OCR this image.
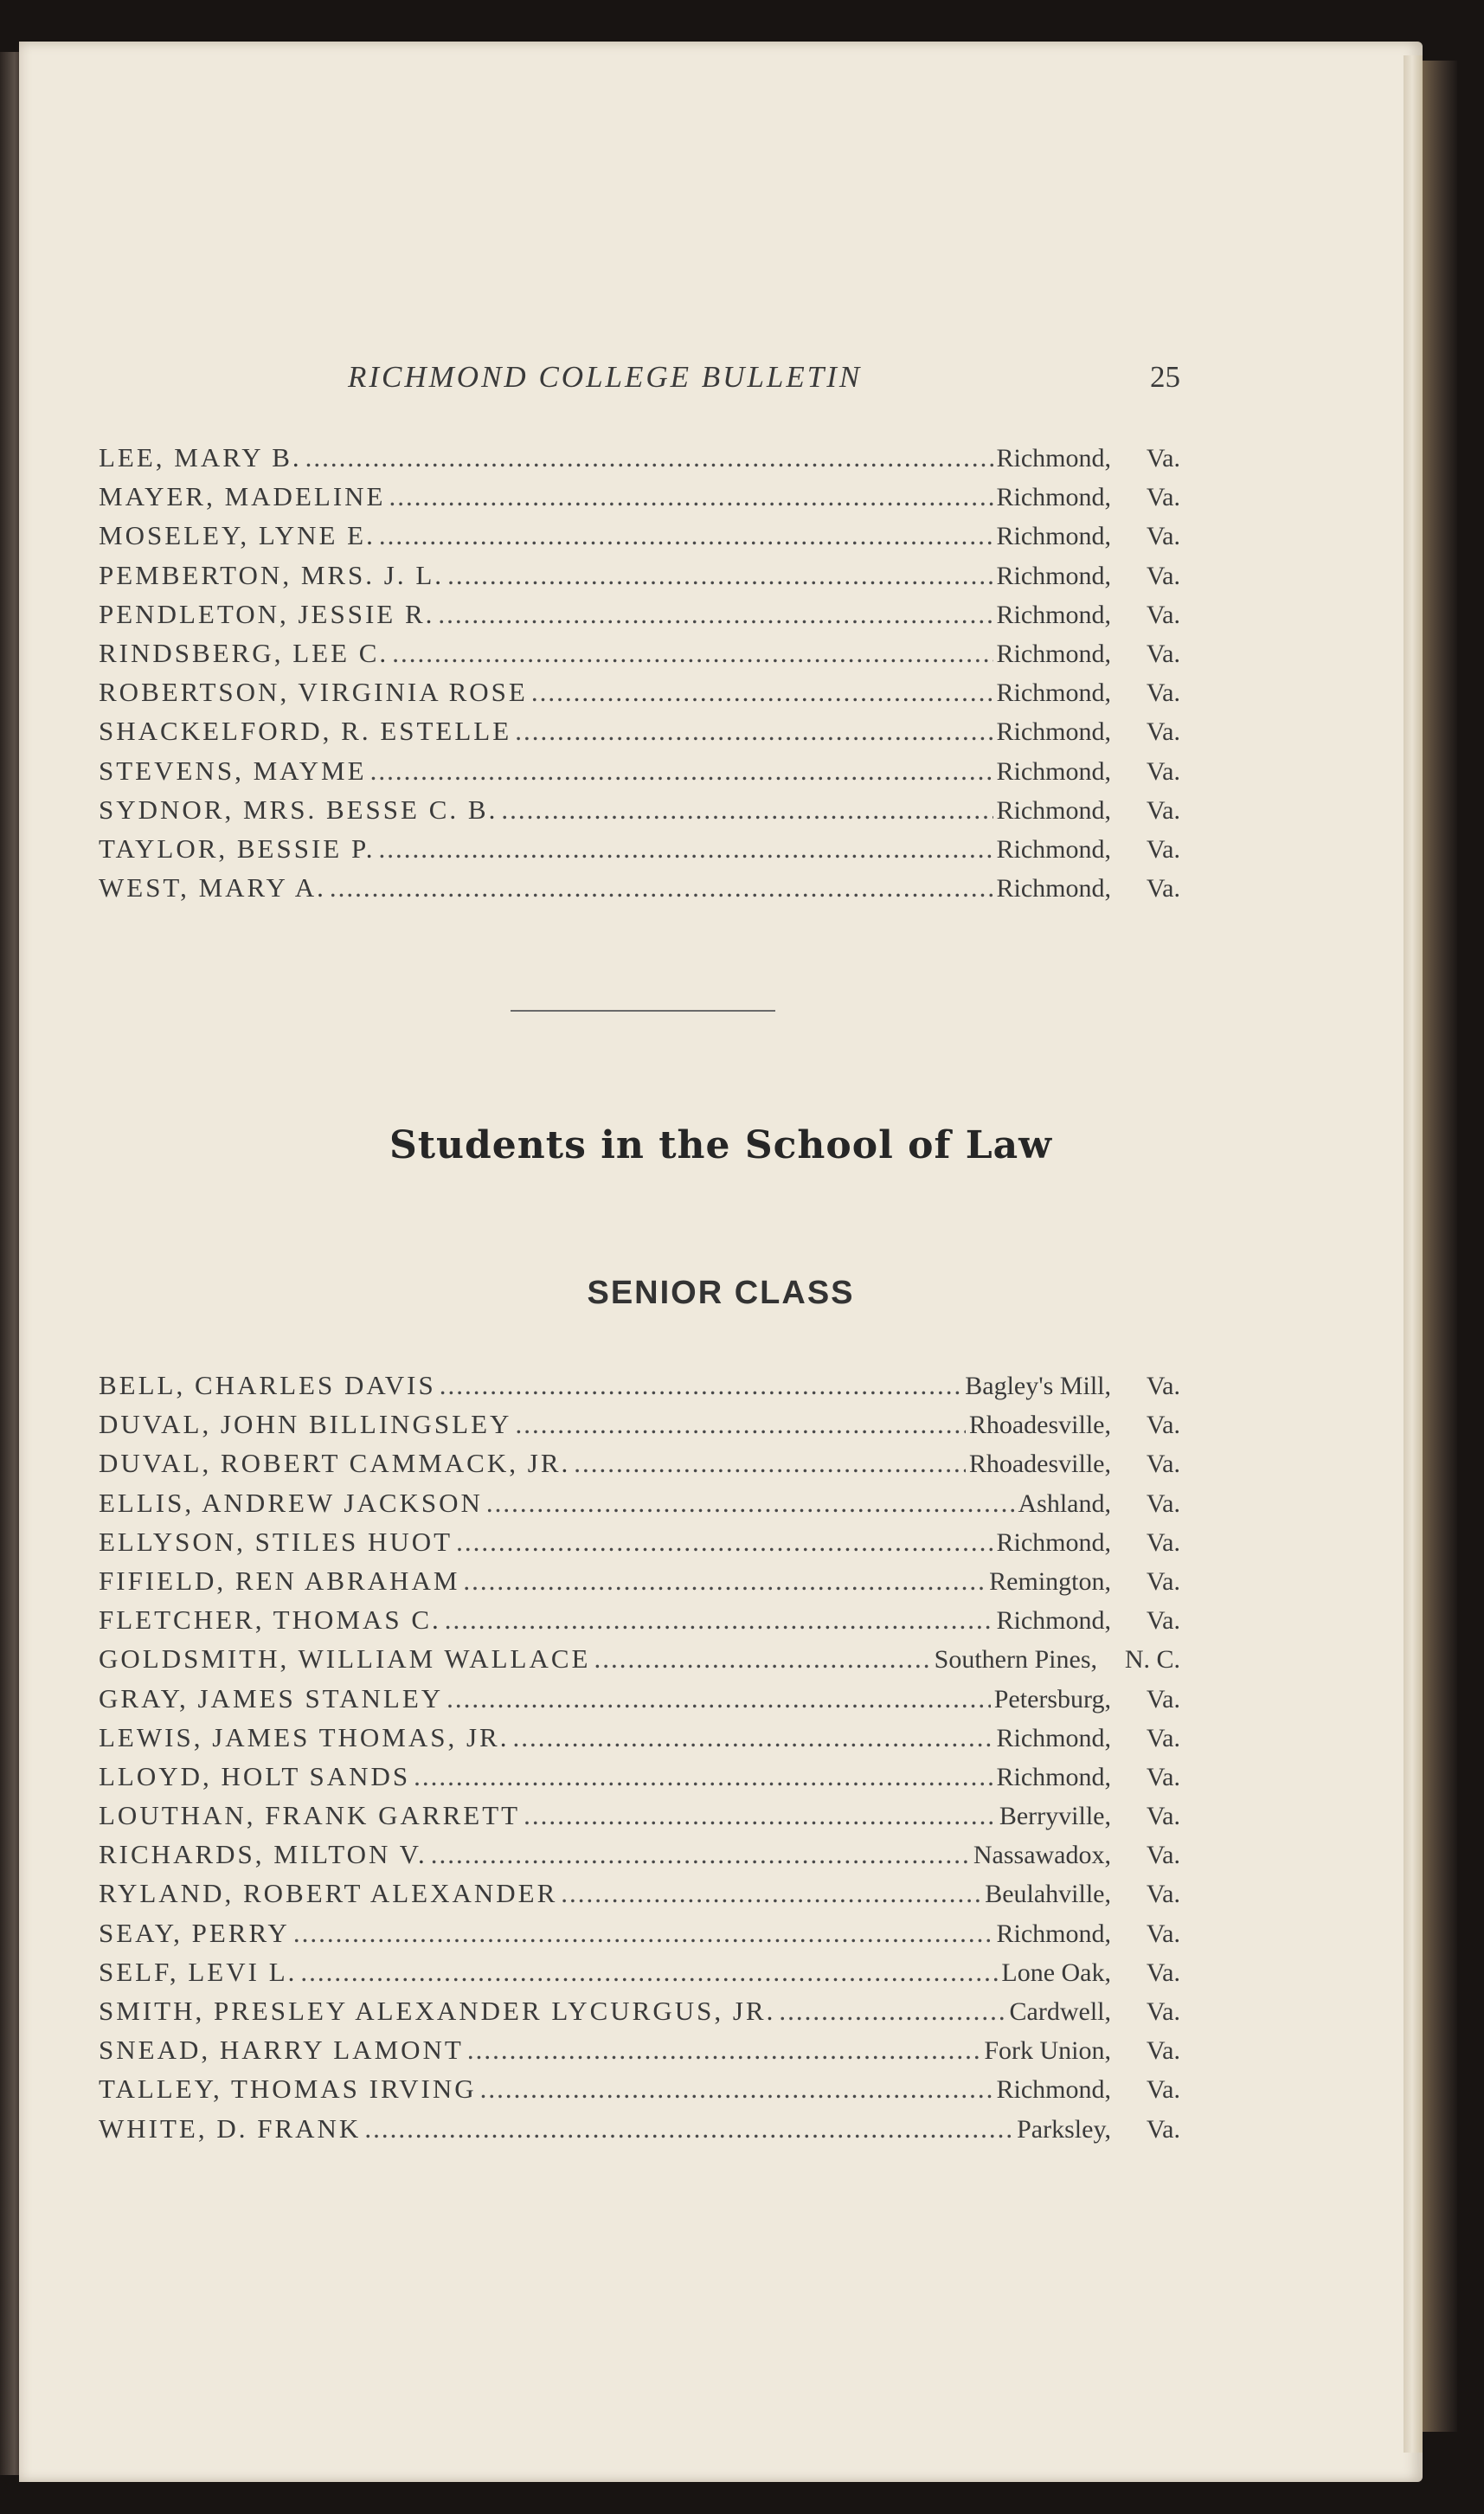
RICHMOND COLLEGE BULLETIN	25
LEE, MARY B. .....	Richmond,	Va.
MAYER, MADELINE .....	Richmond,	Va.
MOSELEY, LYNE E. .....	Richmond,	Va.
PEMBERTON, MRS. J. L. .....	Richmond,	Va.
PENDLETON, JESSIE R. .....	Richmond,	Va.
RINDSBERG, LEE C. .....	Richmond,	Va.
ROBERTSON, VIRGINIA ROSE .....	Richmond,	Va.
SHACKELFORD, R. ESTELLE .....	Richmond,	Va.
STEVENS, MAYME .....	Richmond,	Va.
SYDNOR, MRS. BESSE C. B. .....	Richmond,	Va.
TAYLOR, BESSIE P. .....	Richmond,	Va.
WEST, MARY A. .....	Richmond,	Va.
Students in the School of Law
SENIOR CLASS
BELL, CHARLES DAVIS .....	Bagley's Mill,	Va.
DUVAL, JOHN BILLINGSLEY .....	Rhoadesville,	Va.
DUVAL, ROBERT CAMMACK, JR. .....	Rhoadesville,	Va.
ELLIS, ANDREW JACKSON .....	Ashland,	Va.
ELLYSON, STILES HUOT .....	Richmond,	Va.
FIFIELD, REN ABRAHAM .....	Remington,	Va.
FLETCHER, THOMAS C. .....	Richmond,	Va.
GOLDSMITH, WILLIAM WALLACE .....	Southern Pines,	N. C.
GRAY, JAMES STANLEY .....	Petersburg,	Va.
LEWIS, JAMES THOMAS, JR. .....	Richmond,	Va.
LLOYD, HOLT SANDS .....	Richmond,	Va.
LOUTHAN, FRANK GARRETT .....	Berryville,	Va.
RICHARDS, MILTON V. .....	Nassawadox,	Va.
RYLAND, ROBERT ALEXANDER .....	Beulahville,	Va.
SEAY, PERRY .....	Richmond,	Va.
SELF, LEVI L. .....	Lone Oak,	Va.
SMITH, PRESLEY ALEXANDER LYCURGUS, JR. .....	Cardwell,	Va.
SNEAD, HARRY LAMONT .....	Fork Union,	Va.
TALLEY, THOMAS IRVING .....	Richmond,	Va.
WHITE, D. FRANK .....	Parksley,	Va.
